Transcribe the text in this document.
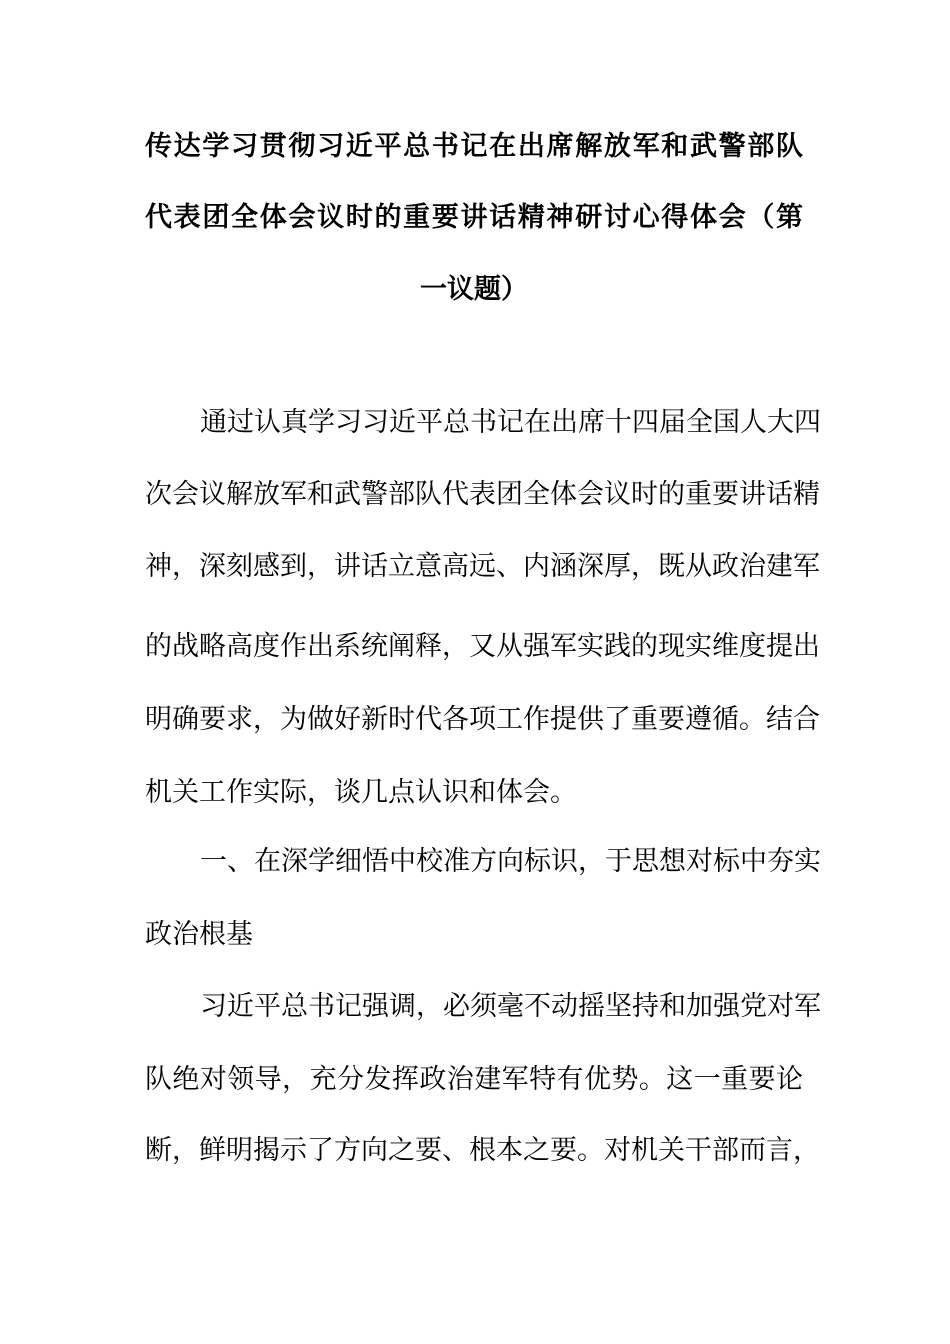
传达学习贯彻习近平总书记在出席解放军和武警部队
代表团全体会议时的重要讲话精神研讨心得体会（第
一议题）
通过认真学习习近平总书记在出席十四届全国人大四
次会议解放军和武警部队代表团全体会议时的重要讲话精
神，深刻感到，讲话立意高远、内涵深厚，既从政治建军
的战略高度作出系统阐释，又从强军实践的现实维度提出
明确要求，为做好新时代各项工作提供了重要遵循。结合
机关工作实际，谈几点认识和体会。
一、在深学细悟中校准方向标识，于思想对标中夯实
政治根基
习近平总书记强调，必须毫不动摇坚持和加强党对军
队绝对领导，充分发挥政治建军特有优势。这一重要论
断，鲜明揭示了方向之要、根本之要。对机关干部而言，
